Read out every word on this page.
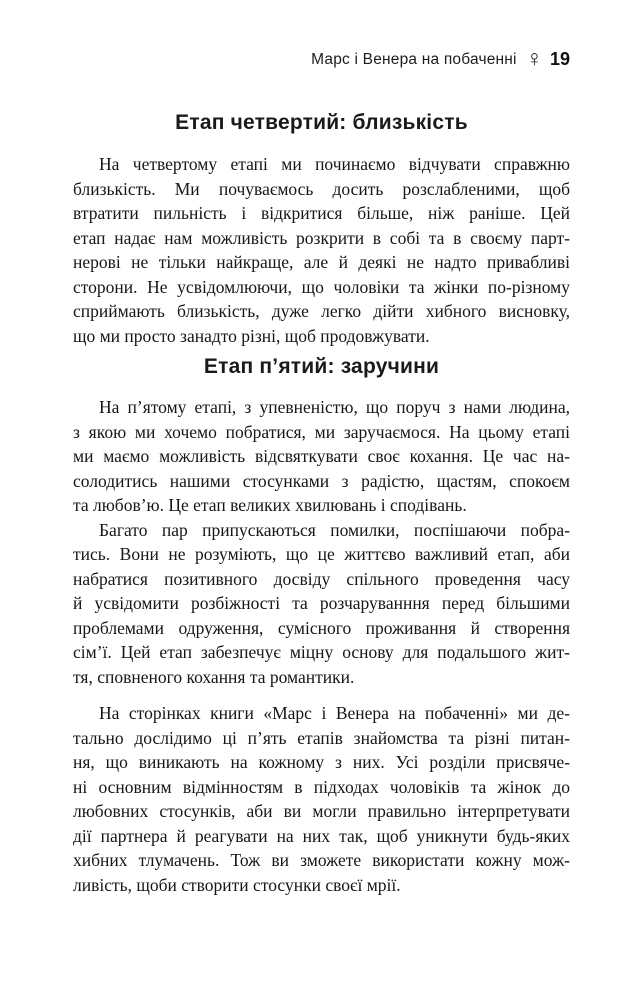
Марс і Венера на побаченні ♀ 19
Етап четвертий: близькість
На четвертому етапі ми починаємо відчувати справжню
близькість. Ми почуваємось досить розслабленими, щоб
втратити пильність і відкритися більше, ніж раніше. Цей
етап надає нам можливість розкрити в собі та в своєму парт-
нерові не тільки найкраще, але й деякі не надто привабливі
сторони. Не усвідомлюючи, що чоловіки та жінки по-різному
сприймають близькість, дуже легко дійти хибного висновку,
що ми просто занадто різні, щоб продовжувати.
Етап п’ятий: заручини
На п’ятому етапі, з упевненістю, що поруч з нами людина,
з якою ми хочемо побратися, ми заручаємося. На цьому етапі
ми маємо можливість відсвяткувати своє кохання. Це час на-
солодитись нашими стосунками з радістю, щастям, спокоєм
та любов’ю. Це етап великих хвилювань і сподівань.
Багато пар припускаються помилки, поспішаючи побра-
тись. Вони не розуміють, що це життєво важливий етап, аби
набратися позитивного досвіду спільного проведення часу
й усвідомити розбіжності та розчаруванння перед більшими
проблемами одруження, сумісного проживання й створення
сім’ї. Цей етап забезпечує міцну основу для подальшого жит-
тя, сповненого кохання та романтики.
На сторінках книги «Марс і Венера на побаченні» ми де-
тально дослідимо ці п’ять етапів знайомства та різні питан-
ня, що виникають на кожному з них. Усі розділи присвяче-
ні основним відмінностям в підходах чоловіків та жінок до
любовних стосунків, аби ви могли правильно інтерпретувати
дії партнера й реагувати на них так, щоб уникнути будь-яких
хибних тлумачень. Тож ви зможете використати кожну мож-
ливість, щоби створити стосунки своєї мрії.
